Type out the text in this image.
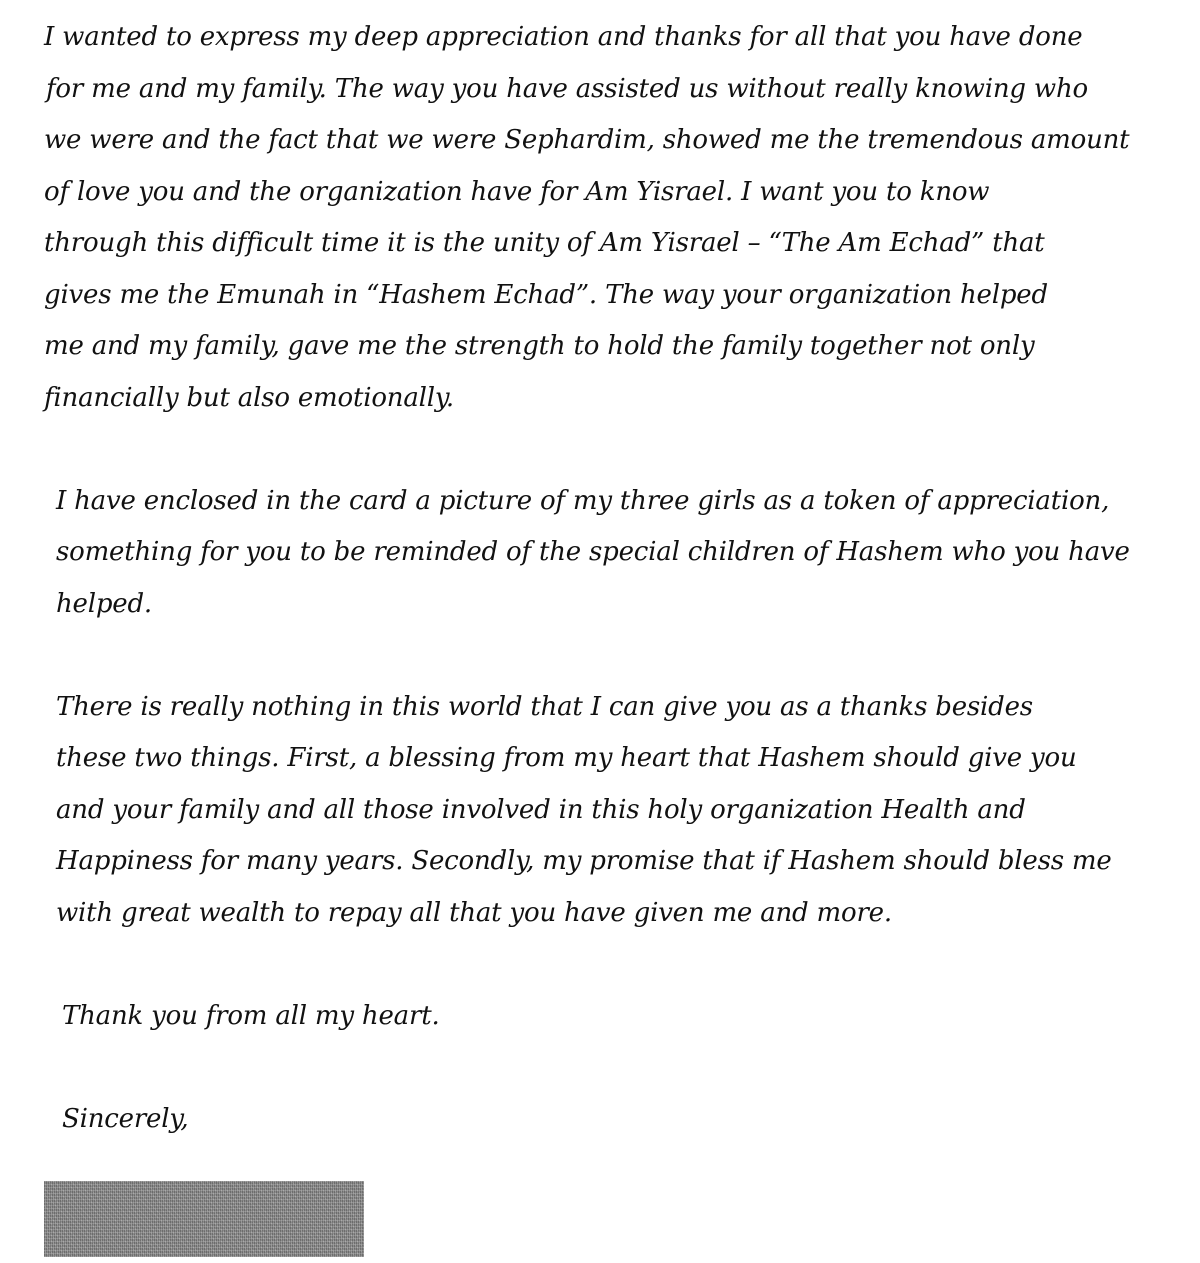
I wanted to express my deep appreciation and thanks for all that you have done
for me and my family. The way you have assisted us without really knowing who
we were and the fact that we were Sephardim, showed me the tremendous amount
of love you and the organization have for Am Yisrael. I want you to know
through this difficult time it is the unity of Am Yisrael – “The Am Echad” that
gives me the Emunah in “Hashem Echad”. The way your organization helped
me and my family, gave me the strength to hold the family together not only
financially but also emotionally.
I have enclosed in the card a picture of my three girls as a token of appreciation,
something for you to be reminded of the special children of Hashem who you have
helped.
There is really nothing in this world that I can give you as a thanks besides
these two things. First, a blessing from my heart that Hashem should give you
and your family and all those involved in this holy organization Health and
Happiness for many years. Secondly, my promise that if Hashem should bless me
with great wealth to repay all that you have given me and more.
Thank you from all my heart.
Sincerely,
